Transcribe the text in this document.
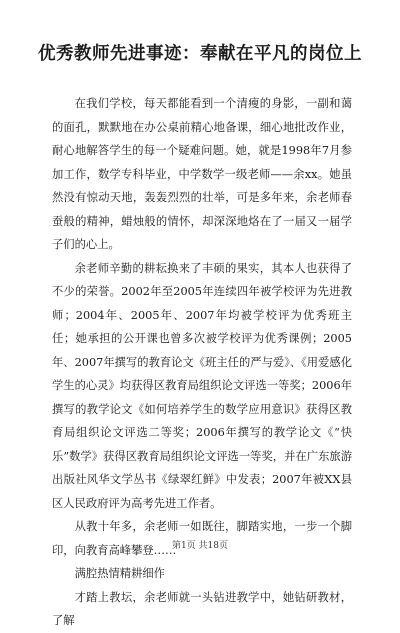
优秀教师先进事迹：奉献在平凡的岗位上

在我们学校，每天都能看到一个清瘦的身影，一副和蔼的面孔，默默地在办公桌前精心地备课，细心地批改作业，耐心地解答学生的每一个疑难问题。她，就是1998年7月参加工作，数学专科毕业，中学数学一级老师——余xx。她虽然没有惊动天地，轰轰烈烈的壮举，可是多年来，余老师春蚕般的精神，蜡烛般的情怀，却深深地烙在了一届又一届学子们的心上。

余老师辛勤的耕耘换来了丰硕的果实，其本人也获得了不少的荣誉。2002年至2005年连续四年被学校评为先进教师；2004年、2005年、2007年均被学校评为优秀班主任；她承担的公开课也曾多次被学校评为优秀课例；2005年、2007年撰写的教育论文《班主任的严与爱》、《用爱感化学生的心灵》均获得区教育局组织论文评选一等奖；2006年撰写的教学论文《如何培养学生的数学应用意识》获得区教育局组织论文评选二等奖；2006年撰写的教学论文《“快乐”数学》获得区教育局组织论文评选一等奖，并在广东旅游出版社风华文学丛书《绿翠红鲜》中发表；2007年被XX县区人民政府评为高考先进工作者。

从教十年多，余老师一如既往，脚踏实地，一步一个脚印，向教育高峰攀登……

满腔热情精耕细作

才踏上教坛，余老师就一头钻进教学中，她钻研教材，了解

第1页 共18页
